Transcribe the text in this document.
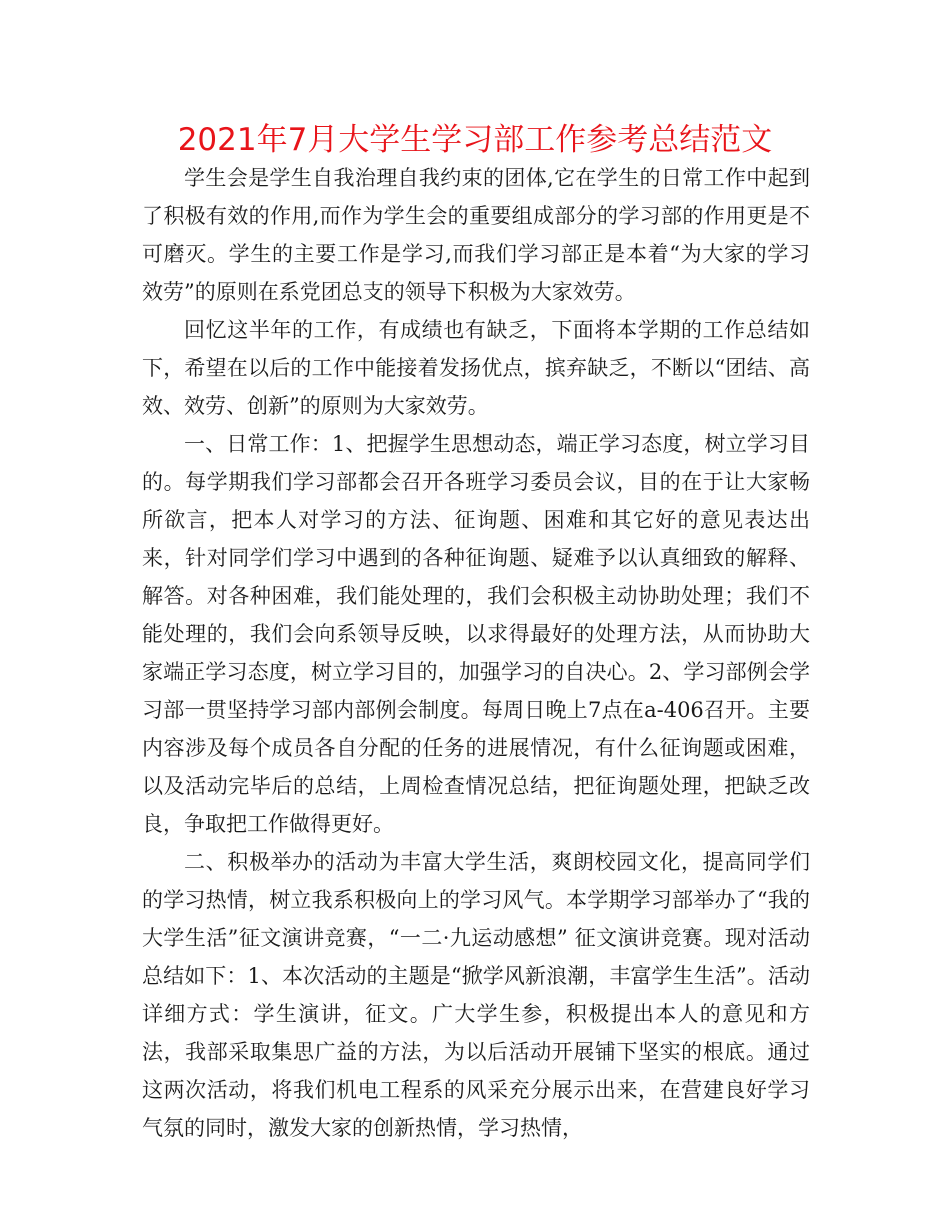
2021年7月大学生学习部工作参考总结范文

学生会是学生自我治理自我约束的团体,它在学生的日常工作中起到了积极有效的作用,而作为学生会的重要组成部分的学习部的作用更是不可磨灭。学生的主要工作是学习,而我们学习部正是本着“为大家的学习效劳”的原则在系党团总支的领导下积极为大家效劳。

回忆这半年的工作，有成绩也有缺乏，下面将本学期的工作总结如下，希望在以后的工作中能接着发扬优点，摈弃缺乏，不断以“团结、高效、效劳、创新”的原则为大家效劳。

一、日常工作：1、把握学生思想动态，端正学习态度，树立学习目的。每学期我们学习部都会召开各班学习委员会议，目的在于让大家畅所欲言，把本人对学习的方法、征询题、困难和其它好的意见表达出来，针对同学们学习中遇到的各种征询题、疑难予以认真细致的解释、解答。对各种困难，我们能处理的，我们会积极主动协助处理；我们不能处理的，我们会向系领导反映，以求得最好的处理方法，从而协助大家端正学习态度，树立学习目的，加强学习的自决心。2、学习部例会学习部一贯坚持学习部内部例会制度。每周日晚上7点在a-406召开。主要内容涉及每个成员各自分配的任务的进展情况，有什么征询题或困难，以及活动完毕后的总结，上周检查情况总结，把征询题处理，把缺乏改良，争取把工作做得更好。

二、积极举办的活动为丰富大学生活，爽朗校园文化，提高同学们的学习热情，树立我系积极向上的学习风气。本学期学习部举办了“我的大学生活”征文演讲竞赛，“一二·九运动感想” 征文演讲竞赛。现对活动总结如下：1、本次活动的主题是“掀学风新浪潮，丰富学生生活”。活动详细方式：学生演讲，征文。广大学生参，积极提出本人的意见和方法，我部采取集思广益的方法，为以后活动开展铺下坚实的根底。通过这两次活动，将我们机电工程系的风采充分展示出来，在营建良好学习气氛的同时，激发大家的创新热情，学习热情，
